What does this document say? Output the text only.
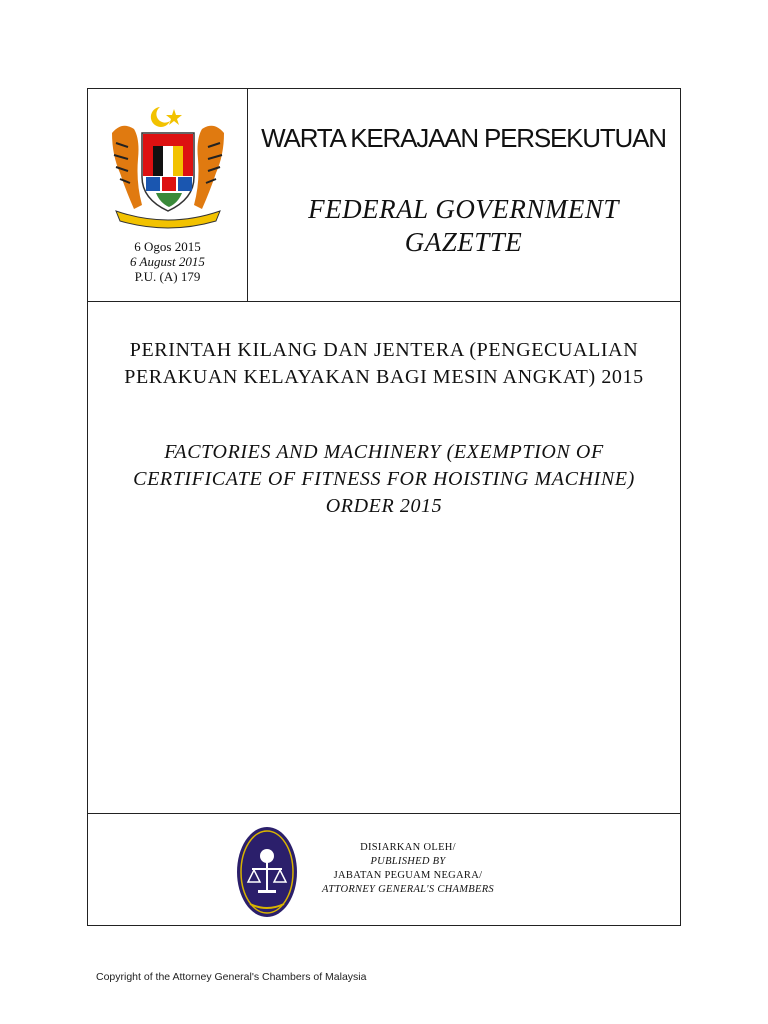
6 Ogos 2015
6 August 2015
P.U. (A) 179
WARTA KERAJAAN PERSEKUTUAN
FEDERAL GOVERNMENT
GAZETTE
PERINTAH KILANG DAN JENTERA (PENGECUALIAN
PERAKUAN KELAYAKAN BAGI MESIN ANGKAT) 2015
FACTORIES AND MACHINERY (EXEMPTION OF
CERTIFICATE OF FITNESS FOR HOISTING MACHINE)
ORDER 2015
DISIARKAN OLEH/
PUBLISHED BY
JABATAN PEGUAM NEGARA/
ATTORNEY GENERAL'S CHAMBERS
Copyright of the Attorney General's Chambers of Malaysia
